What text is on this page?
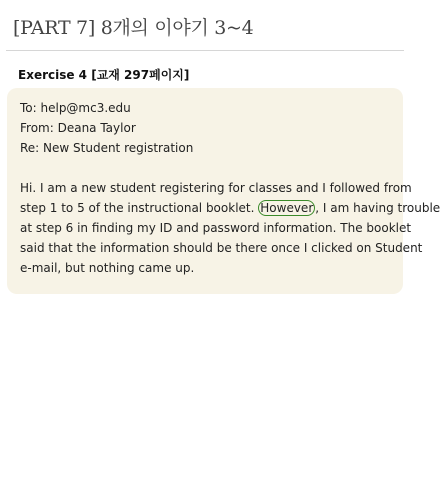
[PART 7] 8개의 이야기 3~4
Exercise 4 [교재 297페이지]
To: help@mc3.edu
From: Deana Taylor
Re: New Student registration
Hi. I am a new student registering for classes and I followed from
step 1 to 5 of the instructional booklet. However , I am having trouble
at step 6 in finding my ID and password information. The booklet
said that the information should be there once I clicked on Student
e-mail, but nothing came up.
